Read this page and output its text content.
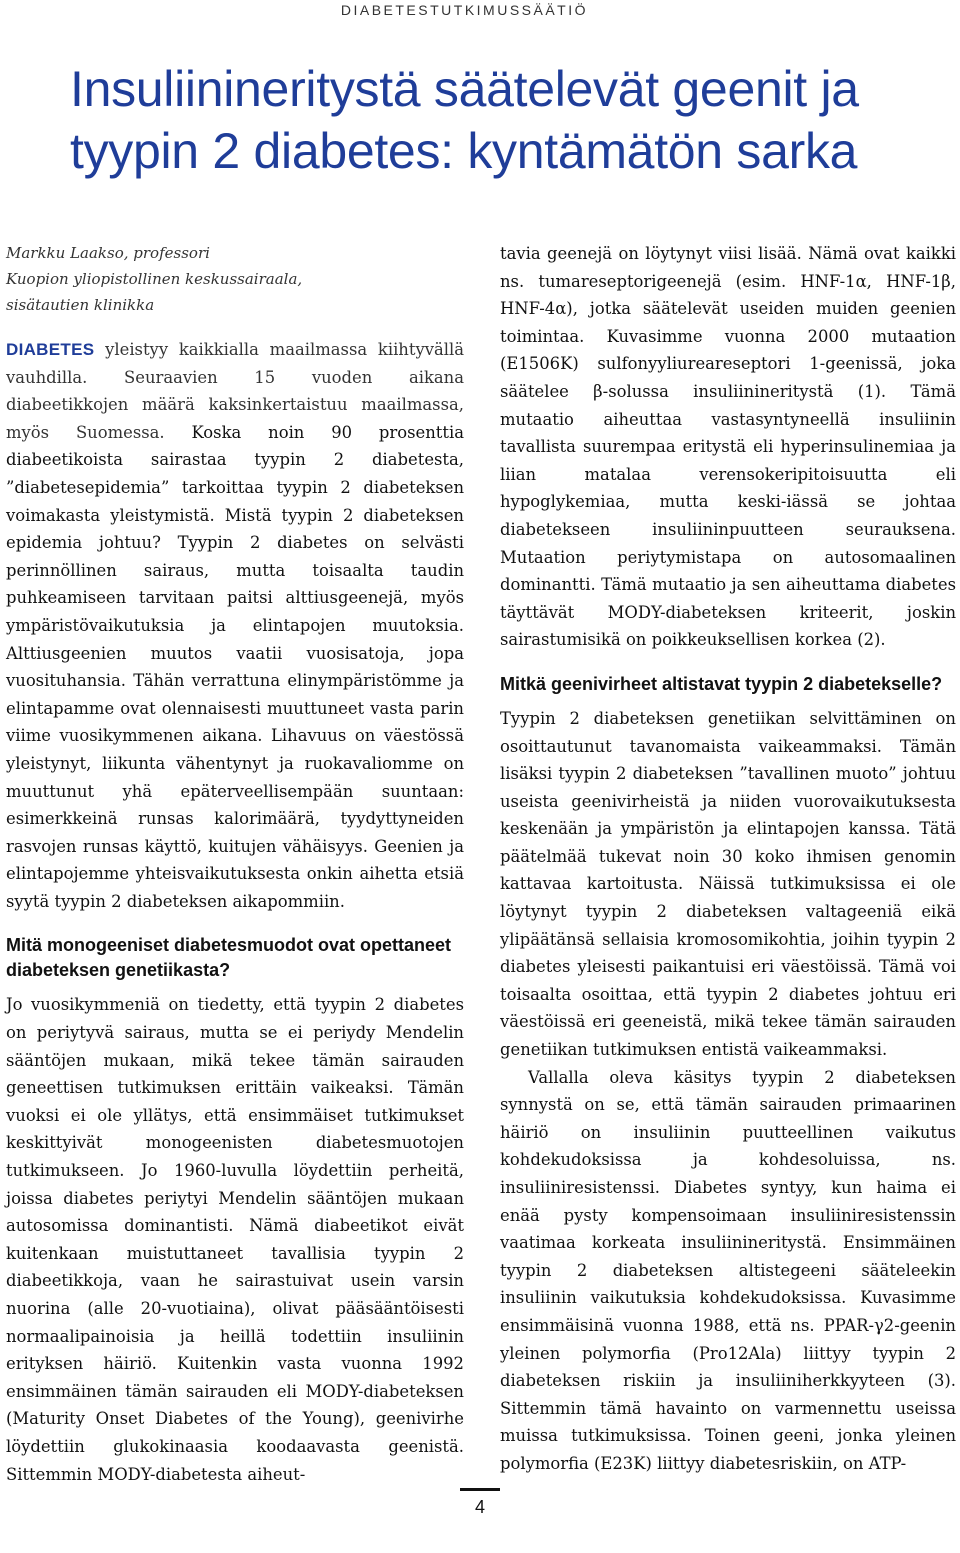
DIABETESTUTKIMUSSÄÄTIÖ
Insuliinineritystä säätelevät geenit ja tyypin 2 diabetes: kyntämätön sarka

Markku Laakso, professori
Kuopion yliopistollinen keskussairaala,
sisätautien klinikka

DIABETES yleistyy kaikkialla maailmassa kiihtyvällä vauhdilla. Seuraavien 15 vuoden aikana diabeetikkojen määrä kaksinkertaistuu maailmassa, myös Suomessa. Koska noin 90 prosenttia diabeetikoista sairastaa tyypin 2 diabetesta, ”diabetesepidemia” tarkoittaa tyypin 2 diabeteksen voimakasta yleistymistä. Mistä tyypin 2 diabeteksen epidemia johtuu? Tyypin 2 diabetes on selvästi perinnöllinen sairaus, mutta toisaalta taudin puhkeamiseen tarvitaan paitsi alttiusgeenejä, myös ympäristövaikutuksia ja elintapojen muutoksia. Alttiusgeenien muutos vaatii vuosisatoja, jopa vuosituhansia. Tähän verrattuna elinympäristömme ja elintapamme ovat olennaisesti muuttuneet vasta parin viime vuosikymmenen aikana. Lihavuus on väestössä yleistynyt, liikunta vähentynyt ja ruokavaliomme on muuttunut yhä epäterveellisempään suuntaan: esimerkkeinä runsas kalorimäärä, tyydyttyneiden rasvojen runsas käyttö, kuitujen vähäisyys. Geenien ja elintapojemme yhteisvaikutuksesta onkin aihetta etsiä syytä tyypin 2 diabeteksen aikapommiin.

Mitä monogeeniset diabetesmuodot ovat opettaneet diabeteksen genetiikasta?

Jo vuosikymmeniä on tiedetty, että tyypin 2 diabetes on periytyvä sairaus, mutta se ei periydy Mendelin sääntöjen mukaan, mikä tekee tämän sairauden geneettisen tutkimuksen erittäin vaikeaksi. Tämän vuoksi ei ole yllätys, että ensimmäiset tutkimukset keskittyivät monogeenisten diabetesmuotojen tutkimukseen. Jo 1960-luvulla löydettiin perheitä, joissa diabetes periytyi Mendelin sääntöjen mukaan autosomissa dominantisti. Nämä diabeetikot eivät kuitenkaan muistuttaneet tavallisia tyypin 2 diabeetikkoja, vaan he sairastuivat usein varsin nuorina (alle 20-vuotiaina), olivat pääsääntöisesti normaalipainoisia ja heillä todettiin insuliinin erityksen häiriö. Kuitenkin vasta vuonna 1992 ensimmäinen tämän sairauden eli MODY-diabeteksen (Maturity Onset Diabetes of the Young), geenivirhe löydettiin glukokinaasia koodaavasta geenistä. Sittemmin MODY-diabetesta aiheut-

tavia geenejä on löytynyt viisi lisää. Nämä ovat kaikki ns. tumareseptorigeenejä (esim. HNF-1α, HNF-1β, HNF-4α), jotka säätelevät useiden muiden geenien toimintaa. Kuvasimme vuonna 2000 mutaation (E1506K) sulfonyyliureareseptori 1-geenissä, joka säätelee β-solussa insuliinineritystä (1). Tämä mutaatio aiheuttaa vastasyntyneellä insuliinin tavallista suurempaa eritystä eli hyperinsulinemiaa ja liian matalaa verensokeripitoisuutta eli hypoglykemiaa, mutta keski-iässä se johtaa diabetekseen insuliininpuutteen seurauksena. Mutaation periytymistapa on autosomaalinen dominantti. Tämä mutaatio ja sen aiheuttama diabetes täyttävät MODY-diabeteksen kriteerit, joskin sairastumisikä on poikkeuksellisen korkea (2).

Mitkä geenivirheet altistavat tyypin 2 diabetekselle?

Tyypin 2 diabeteksen genetiikan selvittäminen on osoittautunut tavanomaista vaikeammaksi. Tämän lisäksi tyypin 2 diabeteksen ”tavallinen muoto” johtuu useista geenivirheistä ja niiden vuorovaikutuksesta keskenään ja ympäristön ja elintapojen kanssa. Tätä päätelmää tukevat noin 30 koko ihmisen genomin kattavaa kartoitusta. Näissä tutkimuksissa ei ole löytynyt tyypin 2 diabeteksen valtageeniä eikä ylipäätänsä sellaisia kromosomikohtia, joihin tyypin 2 diabetes yleisesti paikantuisi eri väestöissä. Tämä voi toisaalta osoittaa, että tyypin 2 diabetes johtuu eri väestöissä eri geeneistä, mikä tekee tämän sairauden genetiikan tutkimuksen entistä vaikeammaksi.

Vallalla oleva käsitys tyypin 2 diabeteksen synnystä on se, että tämän sairauden primaarinen häiriö on insuliinin puutteellinen vaikutus kohdekudoksissa ja kohdesoluissa, ns. insuliiniresistenssi. Diabetes syntyy, kun haima ei enää pysty kompensoimaan insuliiniresistenssin vaatimaa korkeata insuliinineritystä. Ensimmäinen tyypin 2 diabeteksen altistegeeni sääteleekin insuliinin vaikutuksia kohdekudoksissa. Kuvasimme ensimmäisinä vuonna 1988, että ns. PPAR-γ2-geenin yleinen polymorfia (Pro12Ala) liittyy tyypin 2 diabeteksen riskiin ja insuliiniherkkyyteen (3). Sittemmin tämä havainto on varmennettu useissa muissa tutkimuksissa. Toinen geeni, jonka yleinen polymorfia (E23K) liittyy diabetesriskiin, on ATP-

4
